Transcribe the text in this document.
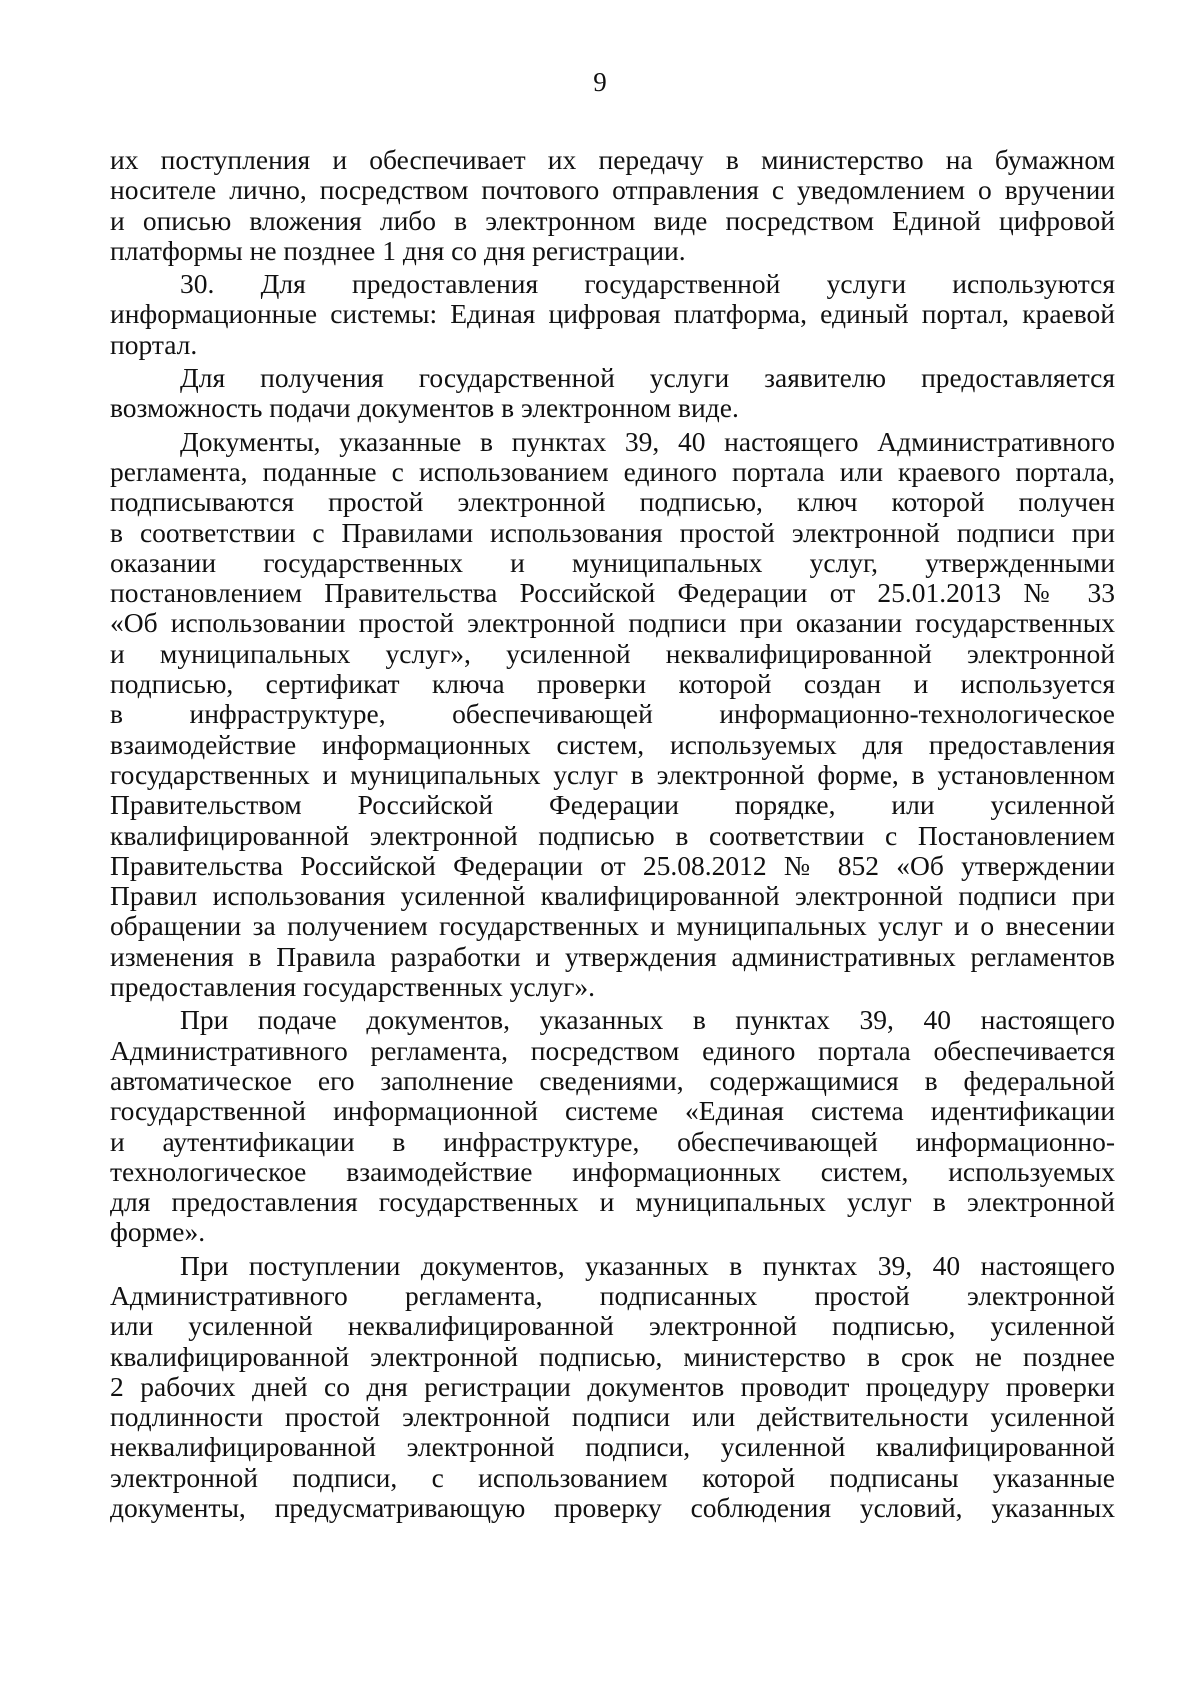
9
их поступления и обеспечивает их передачу в министерство на бумажном
носителе лично, посредством почтового отправления с уведомлением о вручении
и описью вложения либо в электронном виде посредством Единой цифровой
платформы не позднее 1 дня со дня регистрации.
30. Для предоставления государственной услуги используются
информационные системы: Единая цифровая платформа, единый портал, краевой
портал.
Для получения государственной услуги заявителю предоставляется
возможность подачи документов в электронном виде.
Документы, указанные в пунктах 39, 40 настоящего Административного
регламента, поданные с использованием единого портала или краевого портала,
подписываются простой электронной подписью, ключ которой получен
в соответствии с Правилами использования простой электронной подписи при
оказании государственных и муниципальных услуг, утвержденными
постановлением Правительства Российской Федерации от 25.01.2013 № 33
«Об использовании простой электронной подписи при оказании государственных
и муниципальных услуг», усиленной неквалифицированной электронной
подписью, сертификат ключа проверки которой создан и используется
в инфраструктуре, обеспечивающей информационно-технологическое
взаимодействие информационных систем, используемых для предоставления
государственных и муниципальных услуг в электронной форме, в установленном
Правительством Российской Федерации порядке, или усиленной
квалифицированной электронной подписью в соответствии с Постановлением
Правительства Российской Федерации от 25.08.2012 № 852 «Об утверждении
Правил использования усиленной квалифицированной электронной подписи при
обращении за получением государственных и муниципальных услуг и о внесении
изменения в Правила разработки и утверждения административных регламентов
предоставления государственных услуг».
При подаче документов, указанных в пунктах 39, 40 настоящего
Административного регламента, посредством единого портала обеспечивается
автоматическое его заполнение сведениями, содержащимися в федеральной
государственной информационной системе «Единая система идентификации
и аутентификации в инфраструктуре, обеспечивающей информационно-
технологическое взаимодействие информационных систем, используемых
для предоставления государственных и муниципальных услуг в электронной
форме».
При поступлении документов, указанных в пунктах 39, 40 настоящего
Административного регламента, подписанных простой электронной
или усиленной неквалифицированной электронной подписью, усиленной
квалифицированной электронной подписью, министерство в срок не позднее
2 рабочих дней со дня регистрации документов проводит процедуру проверки
подлинности простой электронной подписи или действительности усиленной
неквалифицированной электронной подписи, усиленной квалифицированной
электронной подписи, с использованием которой подписаны указанные
документы, предусматривающую проверку соблюдения условий, указанных
